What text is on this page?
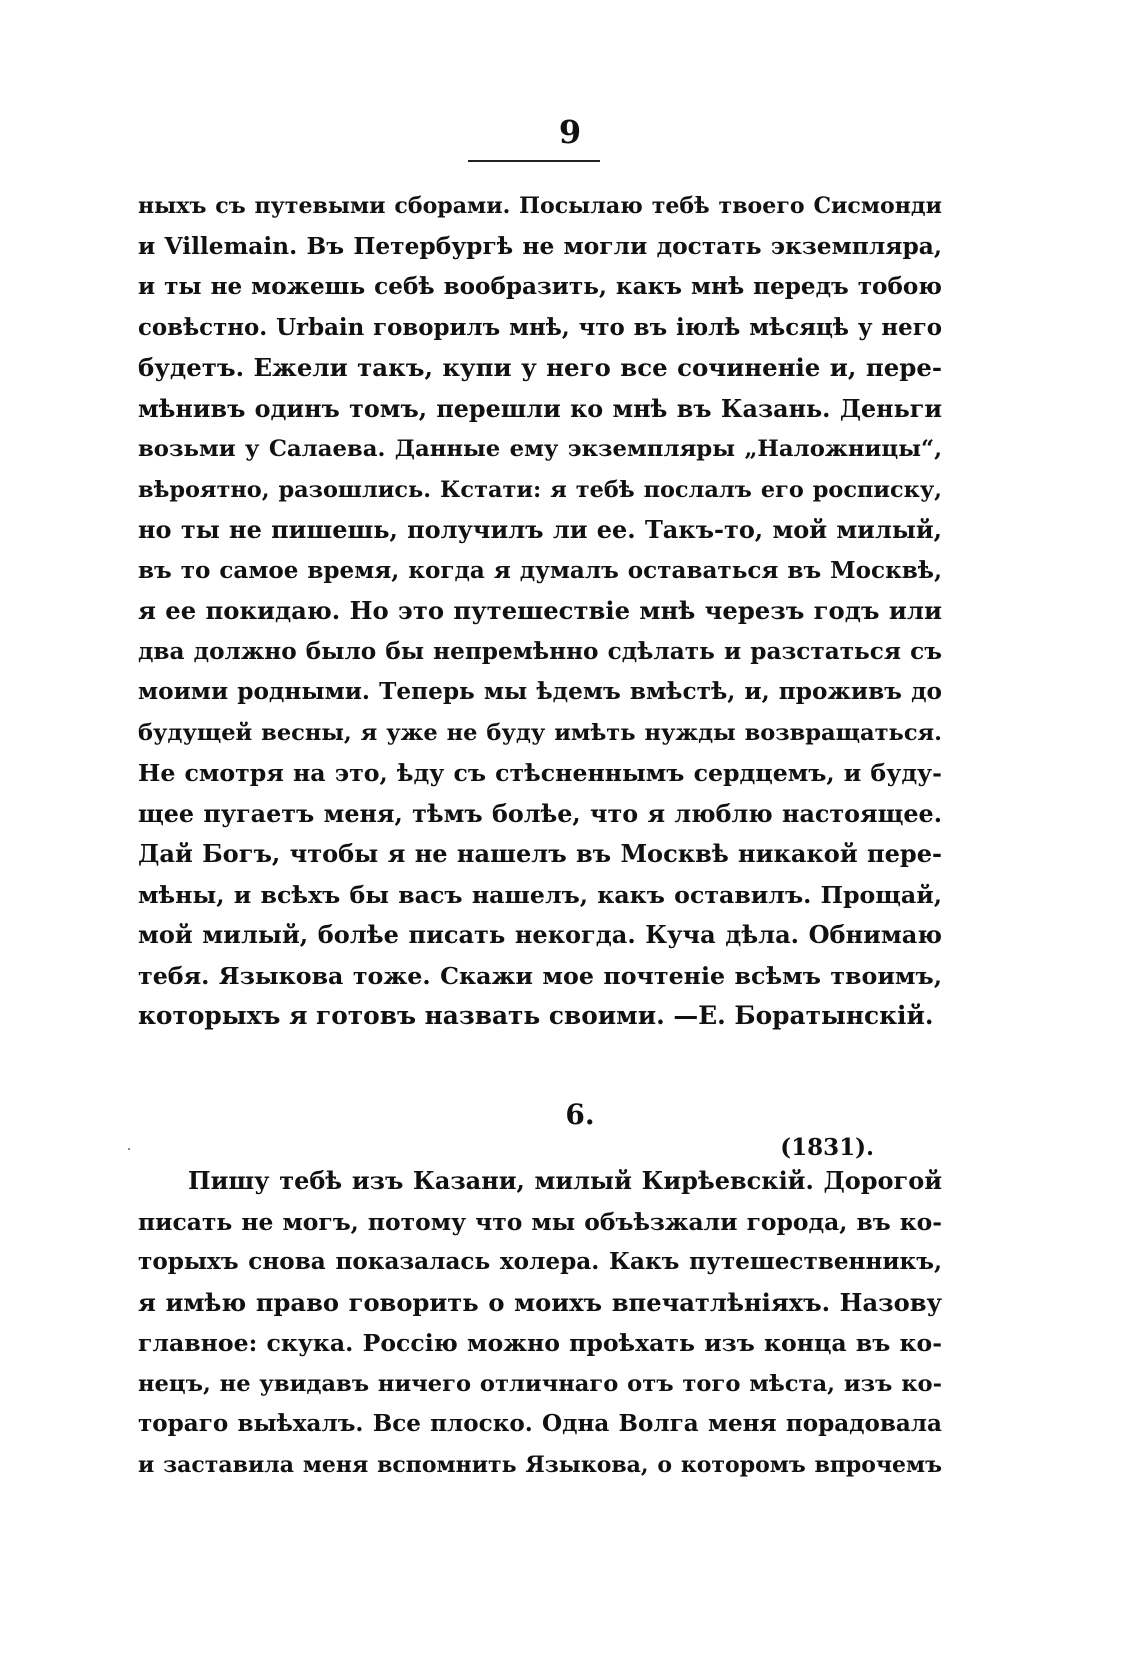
9
ныхъ съ путевыми сборами. Посылаю тебѣ твоего Сисмонди
и Villemain. Въ Петербургѣ не могли достать экземпляра,
и ты не можешь себѣ вообразить, какъ мнѣ передъ тобою
совѣстно. Urbain говорилъ мнѣ, что въ іюлѣ мѣсяцѣ у него
будетъ. Ежели такъ, купи у него все сочиненіе и, пере-
мѣнивъ одинъ томъ, перешли ко мнѣ въ Казань. Деньги
возьми у Салаева. Данные ему экземпляры „Наложницы“,
вѣроятно, разошлись. Кстати: я тебѣ послалъ его росписку,
но ты не пишешь, получилъ ли ее. Такъ-то, мой милый,
въ то самое время, когда я думалъ оставаться въ Москвѣ,
я ее покидаю. Но это путешествіе мнѣ черезъ годъ или
два должно было бы непремѣнно сдѣлать и разстаться съ
моими родными. Теперь мы ѣдемъ вмѣстѣ, и, проживъ до
будущей весны, я уже не буду имѣть нужды возвращаться.
Не смотря на это, ѣду съ стѣсненнымъ сердцемъ, и буду-
щее пугаетъ меня, тѣмъ болѣе, что я люблю настоящее.
Дай Богъ, чтобы я не нашелъ въ Москвѣ никакой пере-
мѣны, и всѣхъ бы васъ нашелъ, какъ оставилъ. Прощай,
мой милый, болѣе писать некогда. Куча дѣла. Обнимаю
тебя. Языкова тоже. Скажи мое почтеніе всѣмъ твоимъ,
которыхъ я готовъ назвать своими. —Е. Боратынскій.
6.
(1831).
Пишу тебѣ изъ Казани, милый Кирѣевскій. Дорогой
писать не могъ, потому что мы объѣзжали города, въ ко-
торыхъ снова показалась холера. Какъ путешественникъ,
я имѣю право говорить о моихъ впечатлѣніяхъ. Назову
главное: скука. Россію можно проѣхать изъ конца въ ко-
нецъ, не увидавъ ничего отличнаго отъ того мѣста, изъ ко-
тораго выѣхалъ. Все плоско. Одна Волга меня порадовала
и заставила меня вспомнить Языкова, о которомъ впрочемъ
